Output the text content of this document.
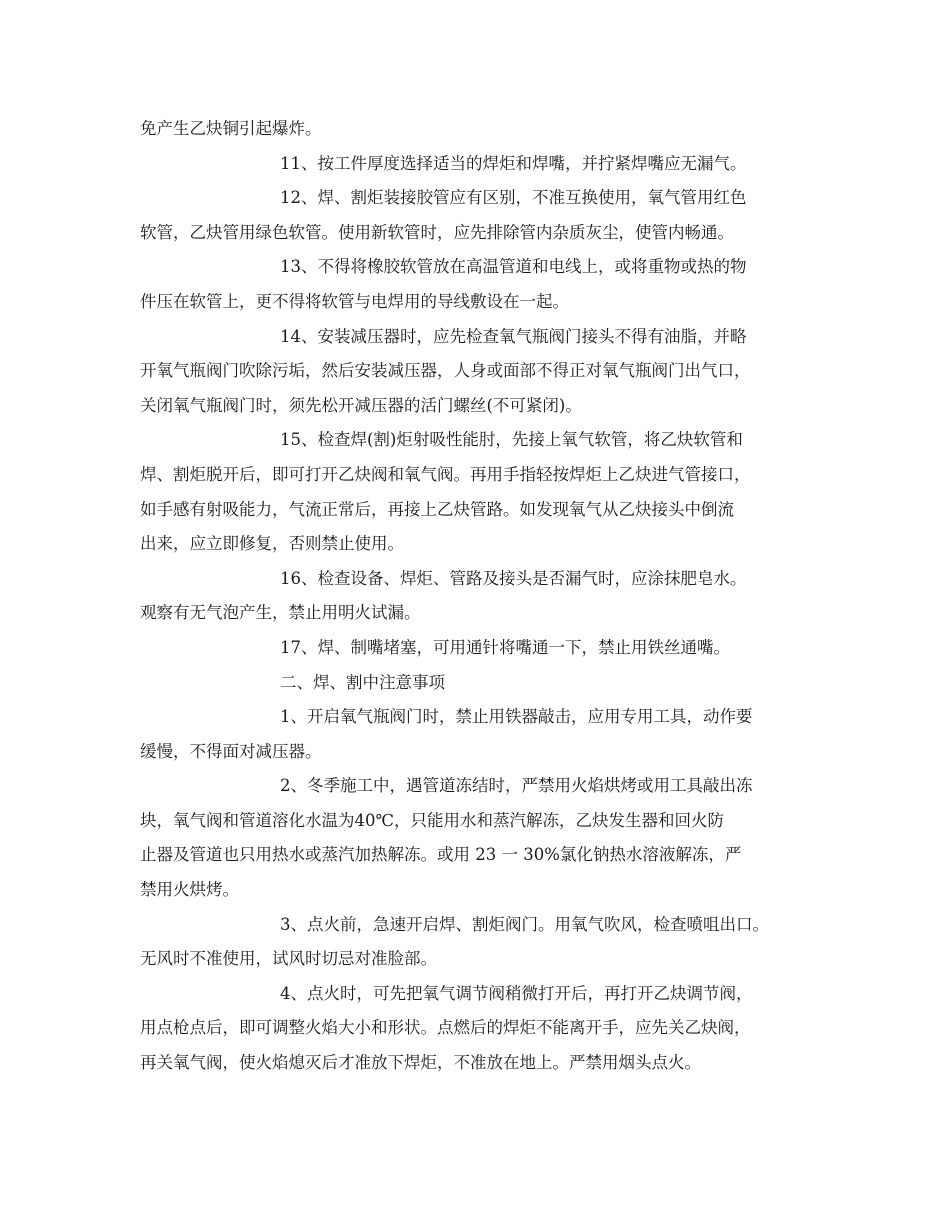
免产生乙炔铜引起爆炸。
11、按工件厚度选择适当的焊炬和焊嘴，并拧紧焊嘴应无漏气。
12、焊、割炬装接胶管应有区别，不准互换使用，氧气管用红色
软管，乙炔管用绿色软管。使用新软管时，应先排除管内杂质灰尘，使管内畅通。
13、不得将橡胶软管放在高温管道和电线上，或将重物或热的物
件压在软管上，更不得将软管与电焊用的导线敷设在一起。
14、安装减压器时，应先检查氧气瓶阀门接头不得有油脂，并略
开氧气瓶阀门吹除污垢，然后安装减压器，人身或面部不得正对氧气瓶阀门出气口，
关闭氧气瓶阀门时，须先松开减压器的活门螺丝(不可紧闭)。
15、检查焊(割)炬射吸性能肘，先接上氧气软管，将乙炔软管和
焊、割炬脱开后，即可打开乙炔阀和氧气阀。再用手指轻按焊炬上乙炔进气管接口，
如手感有射吸能力，气流正常后，再接上乙炔管路。如发现氧气从乙炔接头中倒流
出来，应立即修复，否则禁止使用。
16、检查设备、焊炬、管路及接头是否漏气时，应涂抹肥皂水。
观察有无气泡产生，禁止用明火试漏。
17、焊、制嘴堵塞，可用通针将嘴通一下，禁止用铁丝通嘴。
二、焊、割中注意事项
1、开启氧气瓶阀门时，禁止用铁器敲击，应用专用工具，动作要
缓慢，不得面对减压器。
2、冬季施工中，遇管道冻结时，严禁用火焰烘烤或用工具敲出冻
块，氧气阀和管道溶化水温为40℃，只能用水和蒸汽解冻，乙炔发生器和回火防
止器及管道也只用热水或蒸汽加热解冻。或用 23 一 30%氯化钠热水溶液解冻，严
禁用火烘烤。
3、点火前，急速开启焊、割炬阀门。用氧气吹风，检查喷咀出口。
无风时不准使用，试风时切忌对准脸部。
4、点火时，可先把氧气调节阀稍微打开后，再打开乙炔调节阀，
用点枪点后，即可调整火焰大小和形状。点燃后的焊炬不能离开手，应先关乙炔阀，
再关氧气阀，使火焰熄灭后才准放下焊炬，不准放在地上。严禁用烟头点火。
